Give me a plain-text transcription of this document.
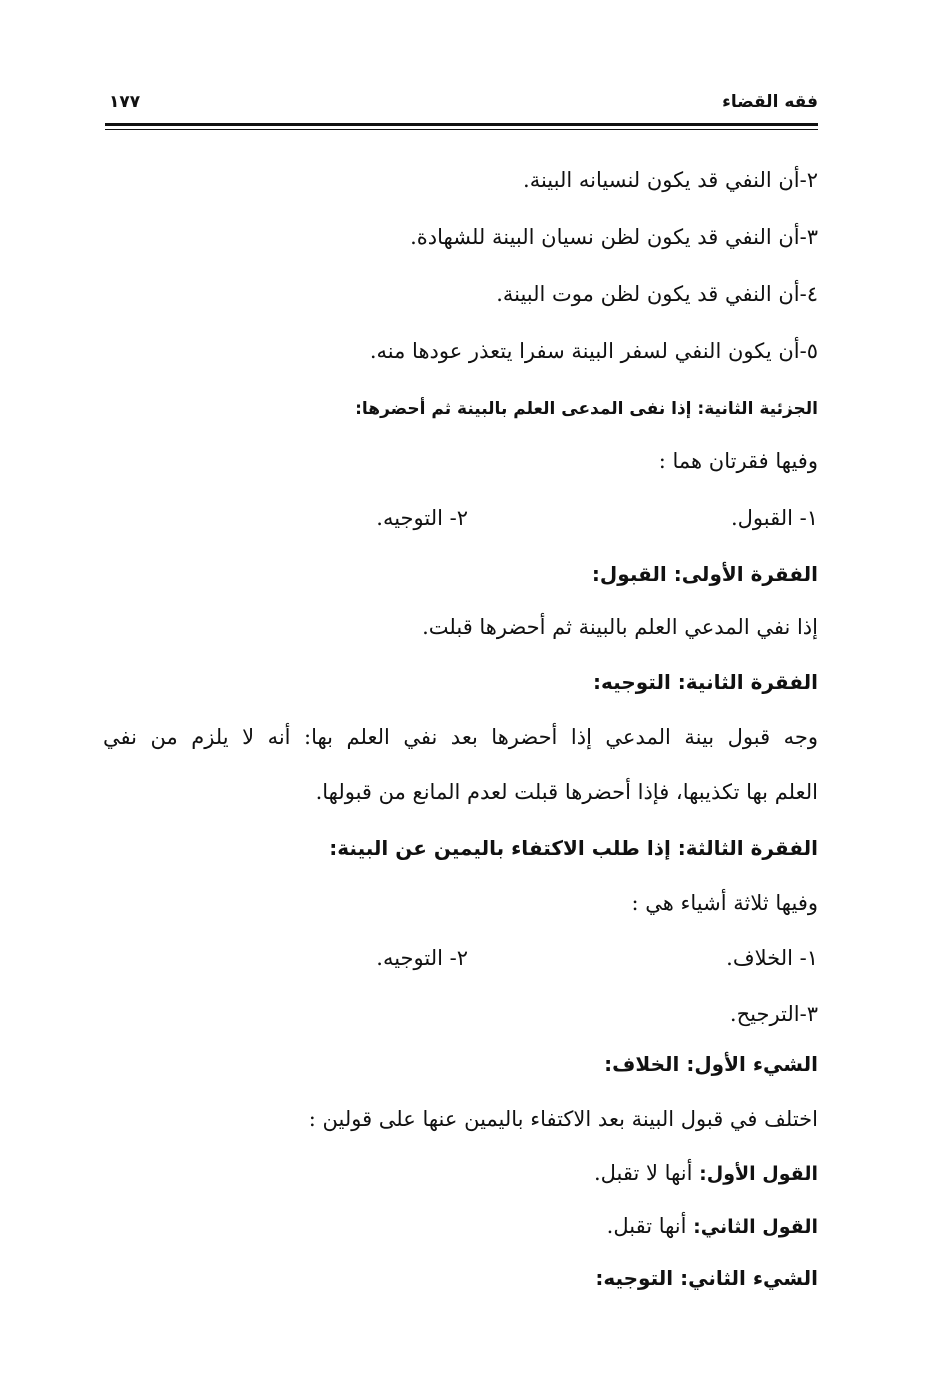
فقه القضاء
١٧٧
٢-أن النفي قد يكون لنسيانه البينة.
٣-أن النفي قد يكون لظن نسيان البينة للشهادة.
٤-أن النفي قد يكون لظن موت البينة.
٥-أن يكون النفي لسفر البينة سفرا يتعذر عودها منه.
الجزئية الثانية: إذا نفى المدعى العلم بالبينة ثم أحضرها:
وفيها فقرتان هما :
١- القبول.
٢- التوجيه.
الفقرة الأولى: القبول:
إذا نفي المدعي العلم بالبينة ثم أحضرها قبلت.
الفقرة الثانية: التوجيه:
وجه قبول بينة المدعي إذا أحضرها بعد نفي العلم بها: أنه لا يلزم من نفي
العلم بها تكذيبها، فإذا أحضرها قبلت لعدم المانع من قبولها.
الفقرة الثالثة: إذا طلب الاكتفاء باليمين عن البينة:
وفيها ثلاثة أشياء هي :
١- الخلاف.
٢- التوجيه.
٣-الترجيح.
الشيء الأول: الخلاف:
اختلف في قبول البينة بعد الاكتفاء باليمين عنها على قولين :
القول الأول: أنها لا تقبل.
القول الثاني: أنها تقبل.
الشيء الثاني: التوجيه:
